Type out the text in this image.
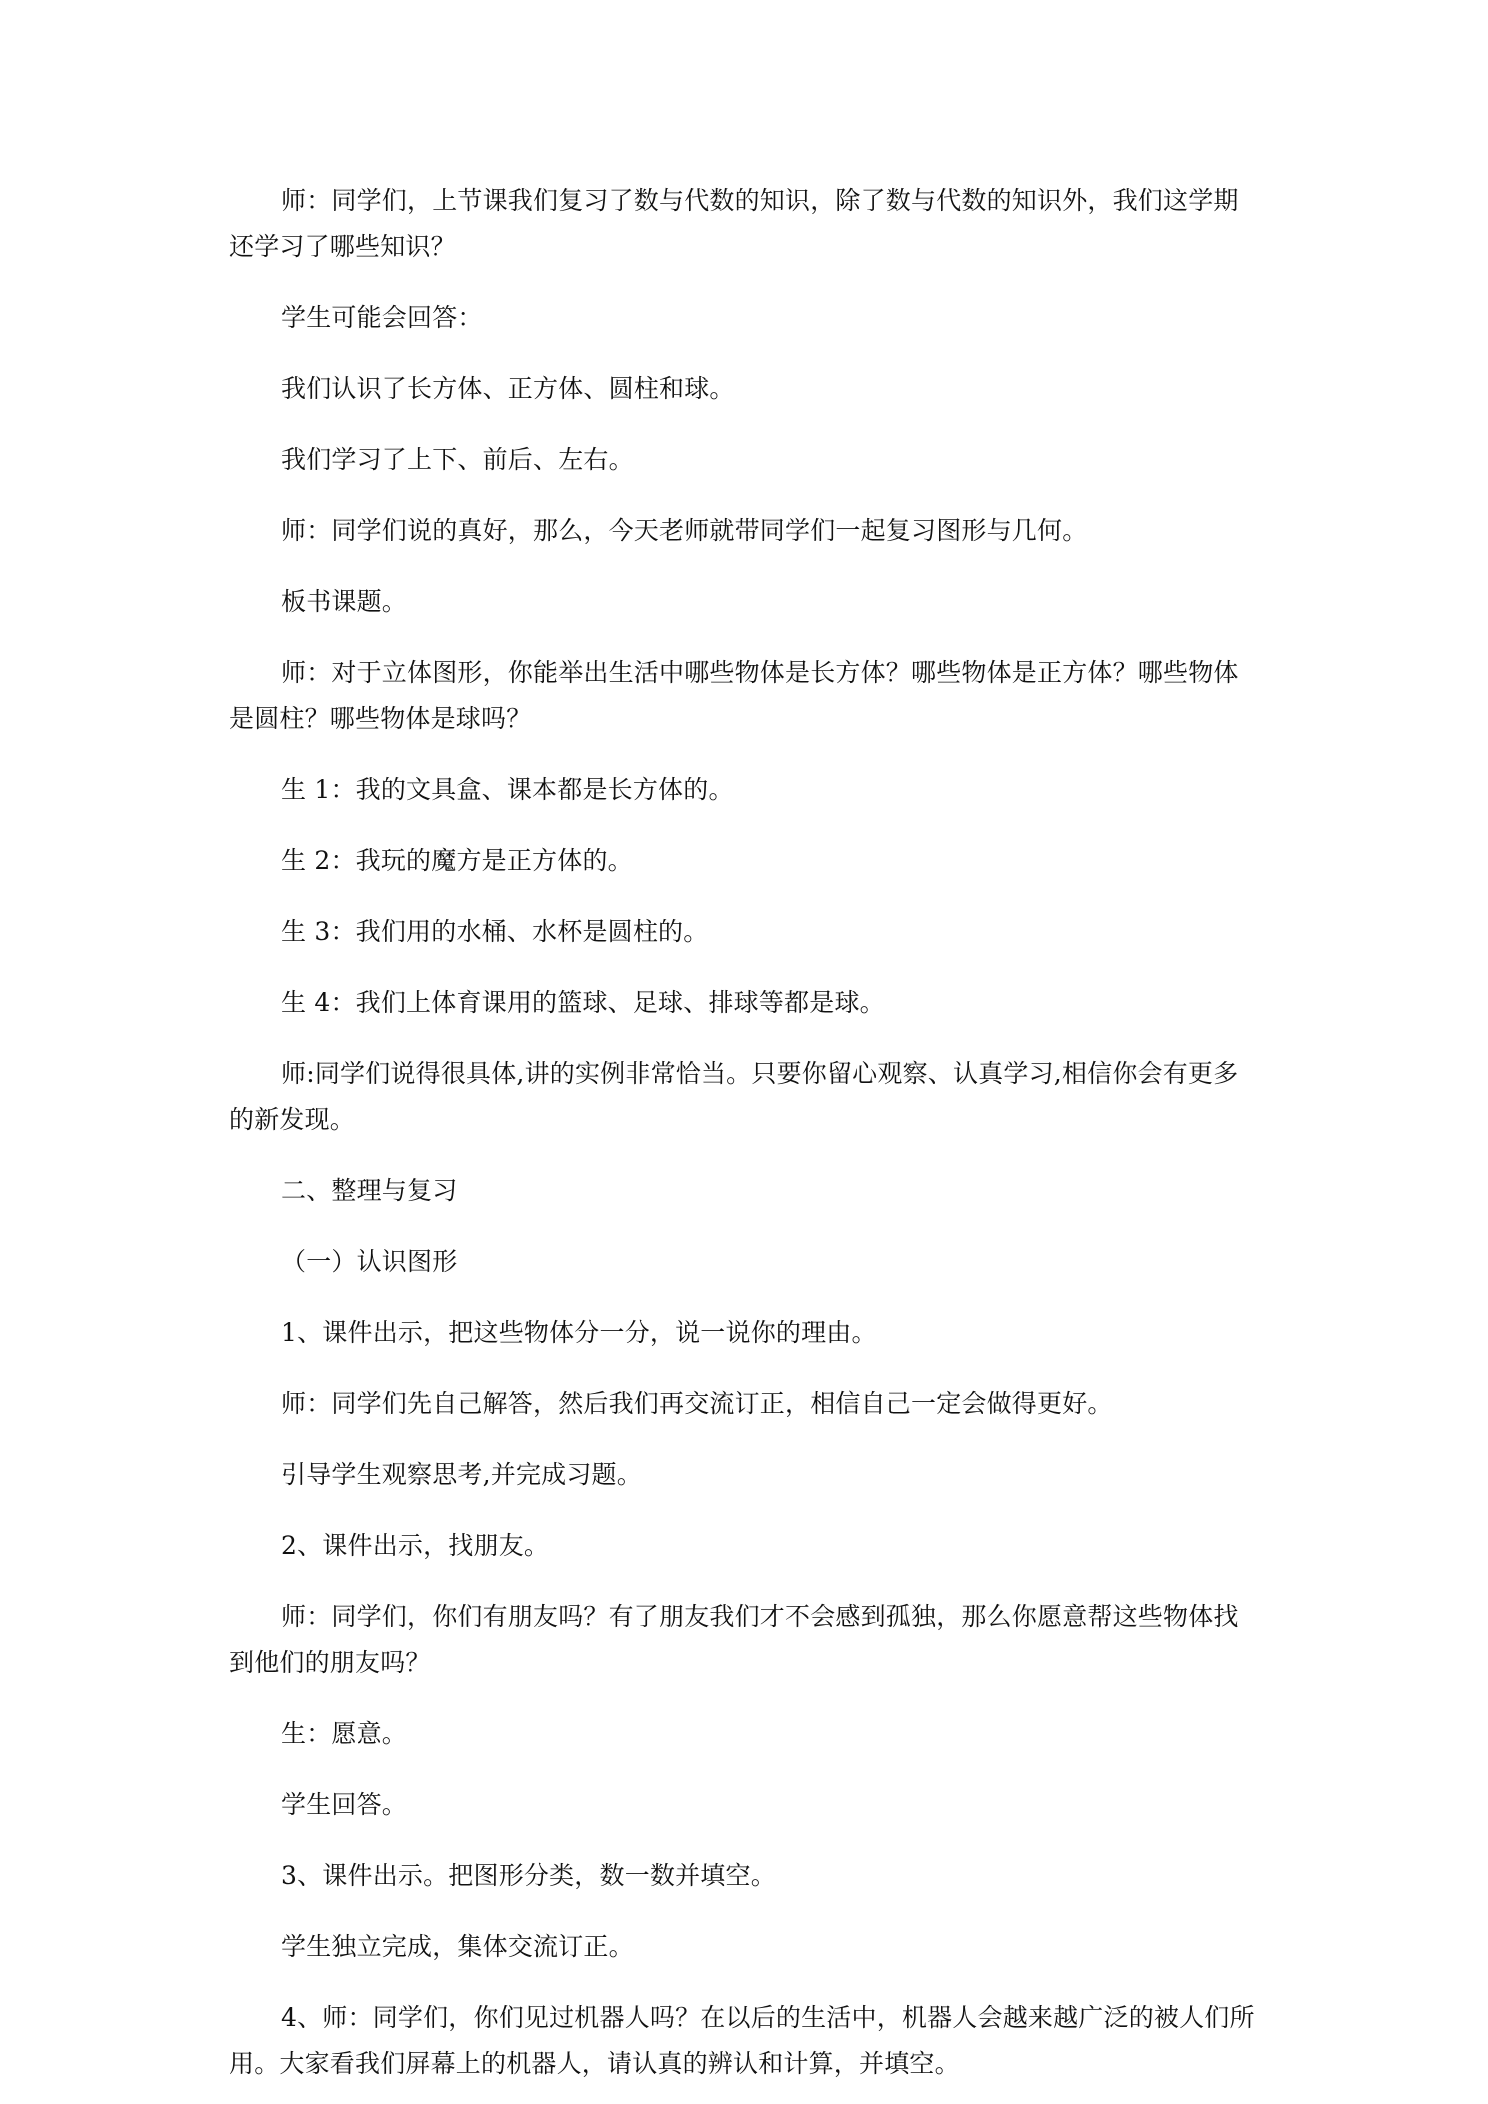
师：同学们，上节课我们复习了数与代数的知识，除了数与代数的知识外，我们这学期还学习了哪些知识？

学生可能会回答：

我们认识了长方体、正方体、圆柱和球。

我们学习了上下、前后、左右。

师：同学们说的真好，那么，今天老师就带同学们一起复习图形与几何。

板书课题。

师：对于立体图形，你能举出生活中哪些物体是长方体？哪些物体是正方体？哪些物体是圆柱？哪些物体是球吗？

生 1：我的文具盒、课本都是长方体的。

生 2：我玩的魔方是正方体的。

生 3：我们用的水桶、水杯是圆柱的。

生 4：我们上体育课用的篮球、足球、排球等都是球。

师:同学们说得很具体,讲的实例非常恰当。只要你留心观察、认真学习,相信你会有更多的新发现。

二、整理与复习

（一）认识图形

1、课件出示，把这些物体分一分，说一说你的理由。

师：同学们先自己解答，然后我们再交流订正，相信自己一定会做得更好。

引导学生观察思考,并完成习题。

2、课件出示，找朋友。

师：同学们，你们有朋友吗？有了朋友我们才不会感到孤独，那么你愿意帮这些物体找到他们的朋友吗？

生：愿意。

学生回答。

3、课件出示。把图形分类，数一数并填空。

学生独立完成，集体交流订正。

4、师：同学们，你们见过机器人吗？在以后的生活中，机器人会越来越广泛的被人们所用。大家看我们屏幕上的机器人，请认真的辨认和计算，并填空。
